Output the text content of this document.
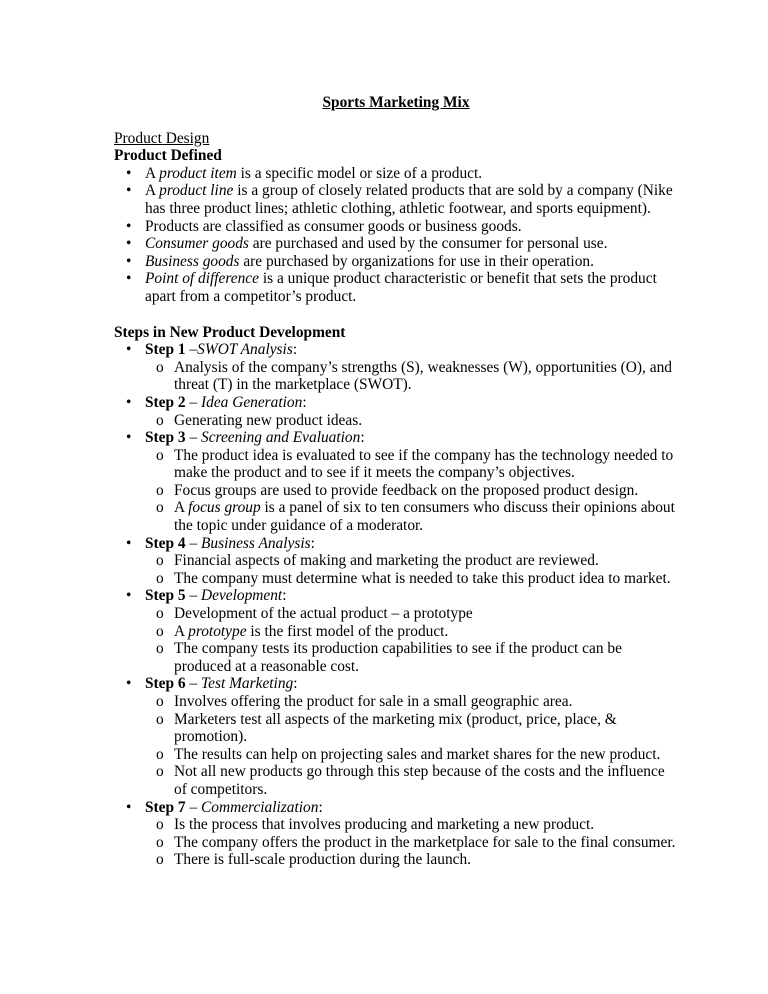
Sports Marketing Mix
Product Design
Product Defined
• A product item is a specific model or size of a product.
• A product line is a group of closely related products that are sold by a company (Nike has three product lines; athletic clothing, athletic footwear, and sports equipment).
• Products are classified as consumer goods or business goods.
• Consumer goods are purchased and used by the consumer for personal use.
• Business goods are purchased by organizations for use in their operation.
• Point of difference is a unique product characteristic or benefit that sets the product apart from a competitor’s product.
Steps in New Product Development
• Step 1 –SWOT Analysis:
o Analysis of the company’s strengths (S), weaknesses (W), opportunities (O), and threat (T) in the marketplace (SWOT).
• Step 2 – Idea Generation:
o Generating new product ideas.
• Step 3 – Screening and Evaluation:
o The product idea is evaluated to see if the company has the technology needed to make the product and to see if it meets the company’s objectives.
o Focus groups are used to provide feedback on the proposed product design.
o A focus group is a panel of six to ten consumers who discuss their opinions about the topic under guidance of a moderator.
• Step 4 – Business Analysis:
o Financial aspects of making and marketing the product are reviewed.
o The company must determine what is needed to take this product idea to market.
• Step 5 – Development:
o Development of the actual product – a prototype
o A prototype is the first model of the product.
o The company tests its production capabilities to see if the product can be produced at a reasonable cost.
• Step 6 – Test Marketing:
o Involves offering the product for sale in a small geographic area.
o Marketers test all aspects of the marketing mix (product, price, place, & promotion).
o The results can help on projecting sales and market shares for the new product.
o Not all new products go through this step because of the costs and the influence of competitors.
• Step 7 – Commercialization:
o Is the process that involves producing and marketing a new product.
o The company offers the product in the marketplace for sale to the final consumer.
o There is full-scale production during the launch.
